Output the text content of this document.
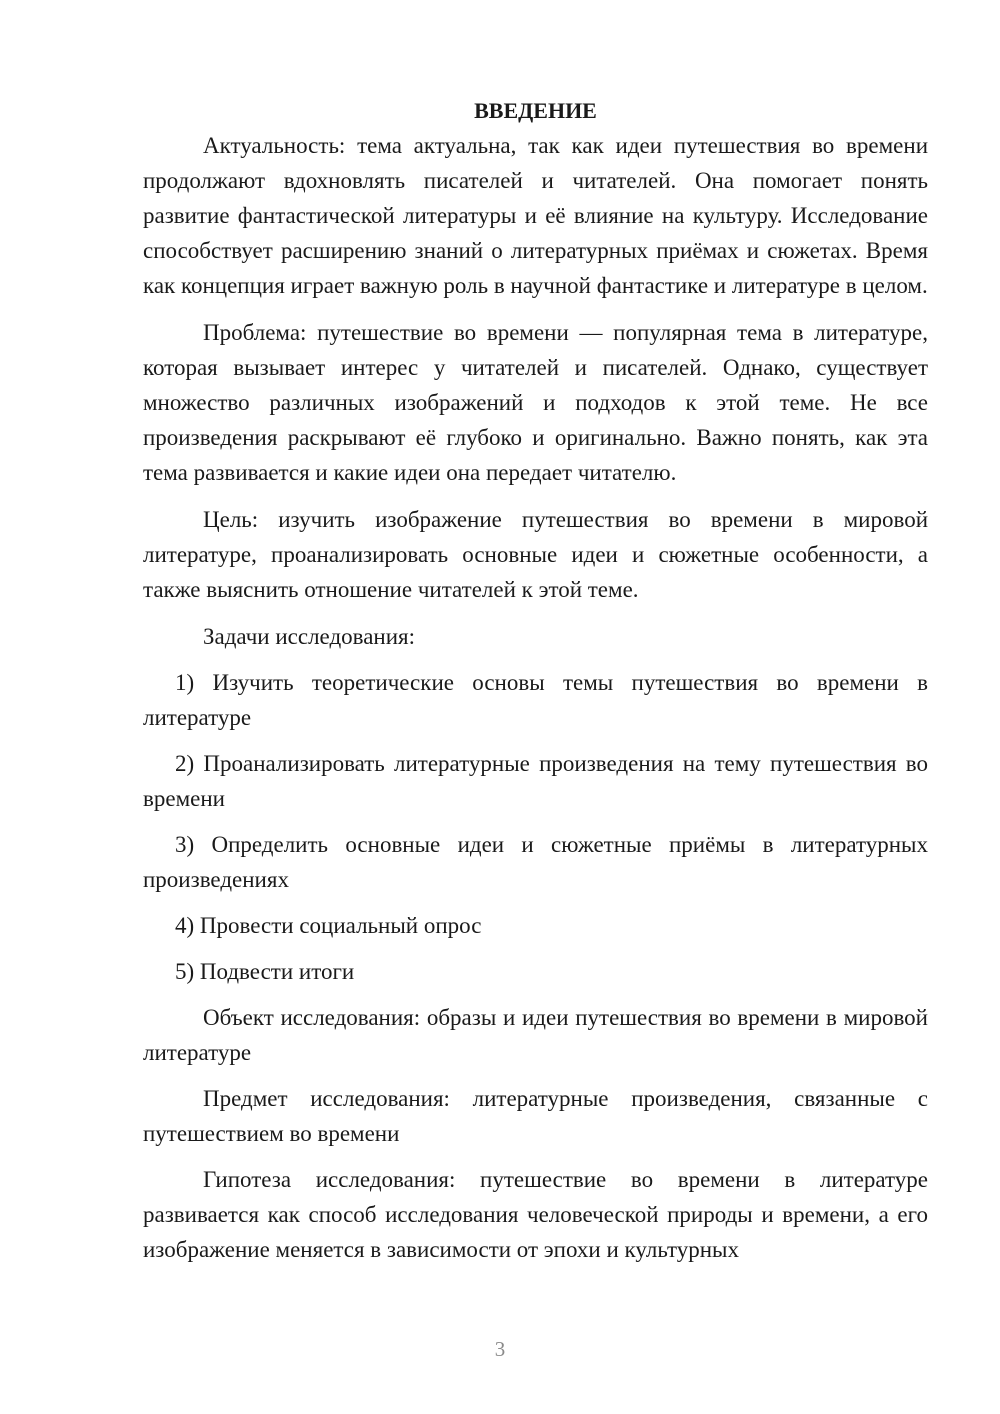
ВВЕДЕНИЕ

Актуальность: тема актуальна, так как идеи путешествия во времени продолжают вдохновлять писателей и читателей. Она помогает понять развитие фантастической литературы и её влияние на культуру. Исследование способствует расширению знаний о литературных приёмах и сюжетах. Время как концепция играет важную роль в научной фантастике и литературе в целом.

Проблема: путешествие во времени — популярная тема в литературе, которая вызывает интерес у читателей и писателей. Однако, существует множество различных изображений и подходов к этой теме. Не все произведения раскрывают её глубоко и оригинально. Важно понять, как эта тема развивается и какие идеи она передает читателю.

Цель: изучить изображение путешествия во времени в мировой литературе, проанализировать основные идеи и сюжетные особенности, а также выяснить отношение читателей к этой теме.

Задачи исследования:

1) Изучить теоретические основы темы путешествия во времени в литературе

2) Проанализировать литературные произведения на тему путешествия во времени

3) Определить основные идеи и сюжетные приёмы в литературных произведениях

4) Провести социальный опрос

5) Подвести итоги

Объект исследования: образы и идеи путешествия во времени в мировой литературе

Предмет исследования: литературные произведения, связанные с путешествием во времени

Гипотеза исследования: путешествие во времени в литературе развивается как способ исследования человеческой природы и времени, а его изображение меняется в зависимости от эпохи и культурных

3
